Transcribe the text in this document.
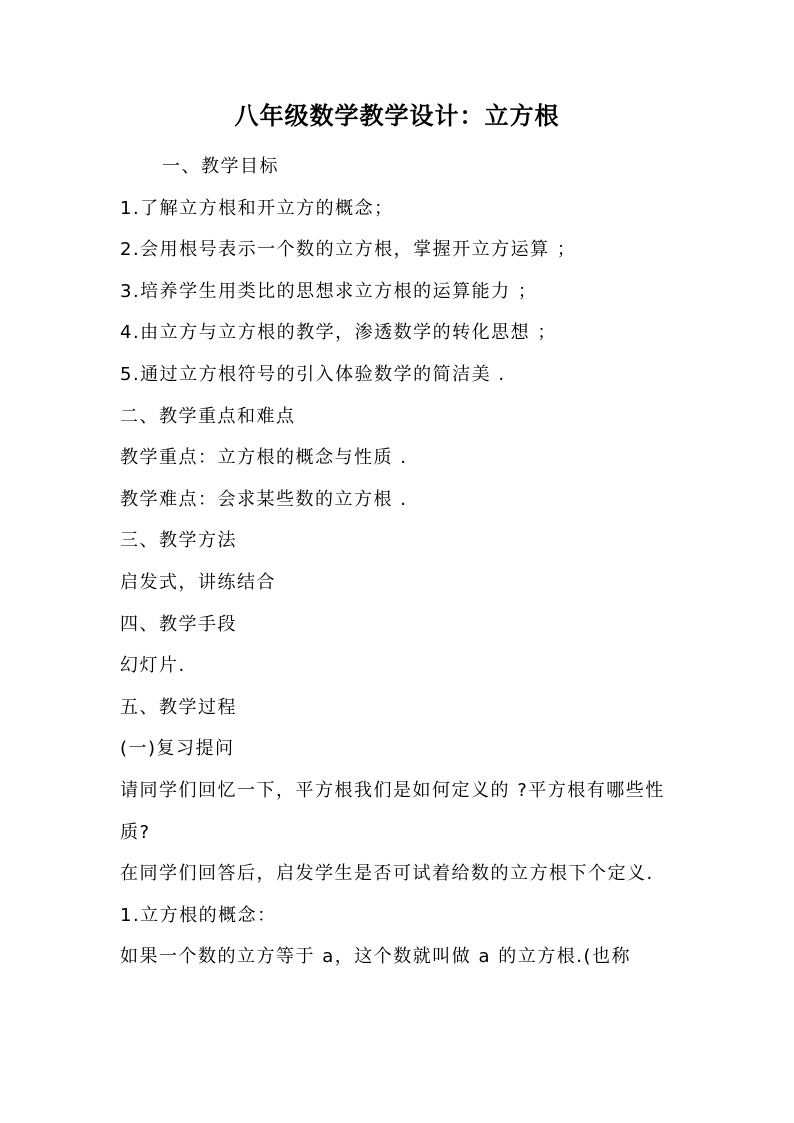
八年级数学教学设计：立方根

一、教学目标

1.了解立方根和开立方的概念；

2.会用根号表示一个数的立方根，掌握开立方运算 ；

3.培养学生用类比的思想求立方根的运算能力 ；

4.由立方与立方根的教学，渗透数学的转化思想 ；

5.通过立方根符号的引入体验数学的简洁美 .

二、教学重点和难点

教学重点：立方根的概念与性质 .

教学难点：会求某些数的立方根 .

三、教学方法

启发式，讲练结合

四、教学手段

幻灯片.

五、教学过程

(一)复习提问

请同学们回忆一下，平方根我们是如何定义的 ?平方根有哪些性质?

在同学们回答后，启发学生是否可试着给数的立方根下个定义.

1.立方根的概念：

如果一个数的立方等于 a，这个数就叫做 a 的立方根.(也称
